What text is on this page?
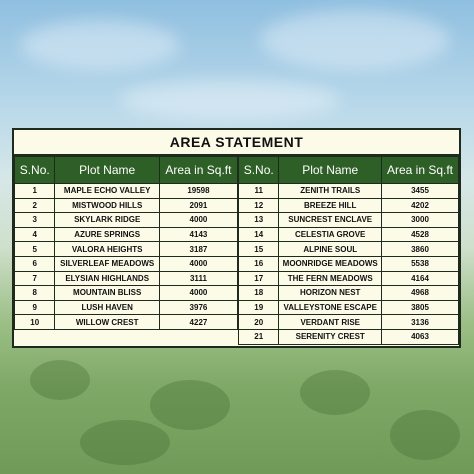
AREA STATEMENT
S.No.	Plot Name	Area in Sq.ft
1	MAPLE ECHO VALLEY	19598
2	MISTWOOD HILLS	2091
3	SKYLARK RIDGE	4000
4	AZURE SPRINGS	4143
5	VALORA HEIGHTS	3187
6	SILVERLEAF MEADOWS	4000
7	ELYSIAN HIGHLANDS	3111
8	MOUNTAIN BLISS	4000
9	LUSH HAVEN	3976
10	WILLOW CREST	4227
S.No.	Plot Name	Area in Sq.ft
11	ZENITH TRAILS	3455
12	BREEZE HILL	4202
13	SUNCREST ENCLAVE	3000
14	CELESTIA GROVE	4528
15	ALPINE SOUL	3860
16	MOONRIDGE MEADOWS	5538
17	THE FERN MEADOWS	4164
18	HORIZON NEST	4968
19	VALLEYSTONE ESCAPE	3805
20	VERDANT RISE	3136
21	SERENITY CREST	4063
